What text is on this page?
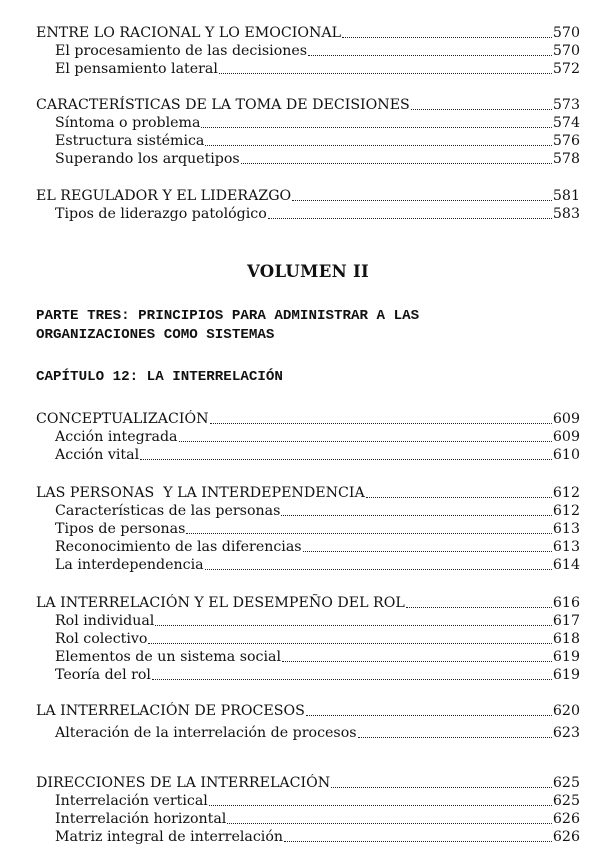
ENTRE LO RACIONAL Y LO EMOCIONAL	570
El procesamiento de las decisiones	570
El pensamiento lateral	572
CARACTERÍSTICAS DE LA TOMA DE DECISIONES	573
Síntoma o problema	574
Estructura sistémica	576
Superando los arquetipos	578
EL REGULADOR Y EL LIDERAZGO	581
Tipos de liderazgo patológico	583
VOLUMEN II
PARTE TRES: PRINCIPIOS PARA ADMINISTRAR A LAS
ORGANIZACIONES COMO SISTEMAS
CAPÍTULO 12: LA INTERRELACIÓN
CONCEPTUALIZACIÓN	609
Acción integrada	609
Acción vital	610
LAS PERSONAS  Y LA INTERDEPENDENCIA	612
Características de las personas	612
Tipos de personas	613
Reconocimiento de las diferencias	613
La interdependencia	614
LA INTERRELACIÓN Y EL DESEMPEÑO DEL ROL	616
Rol individual	617
Rol colectivo	618
Elementos de un sistema social	619
Teoría del rol	619
LA INTERRELACIÓN DE PROCESOS	620
Alteración de la interrelación de procesos	623
DIRECCIONES DE LA INTERRELACIÓN	625
Interrelación vertical	625
Interrelación horizontal	626
Matriz integral de interrelación	626
